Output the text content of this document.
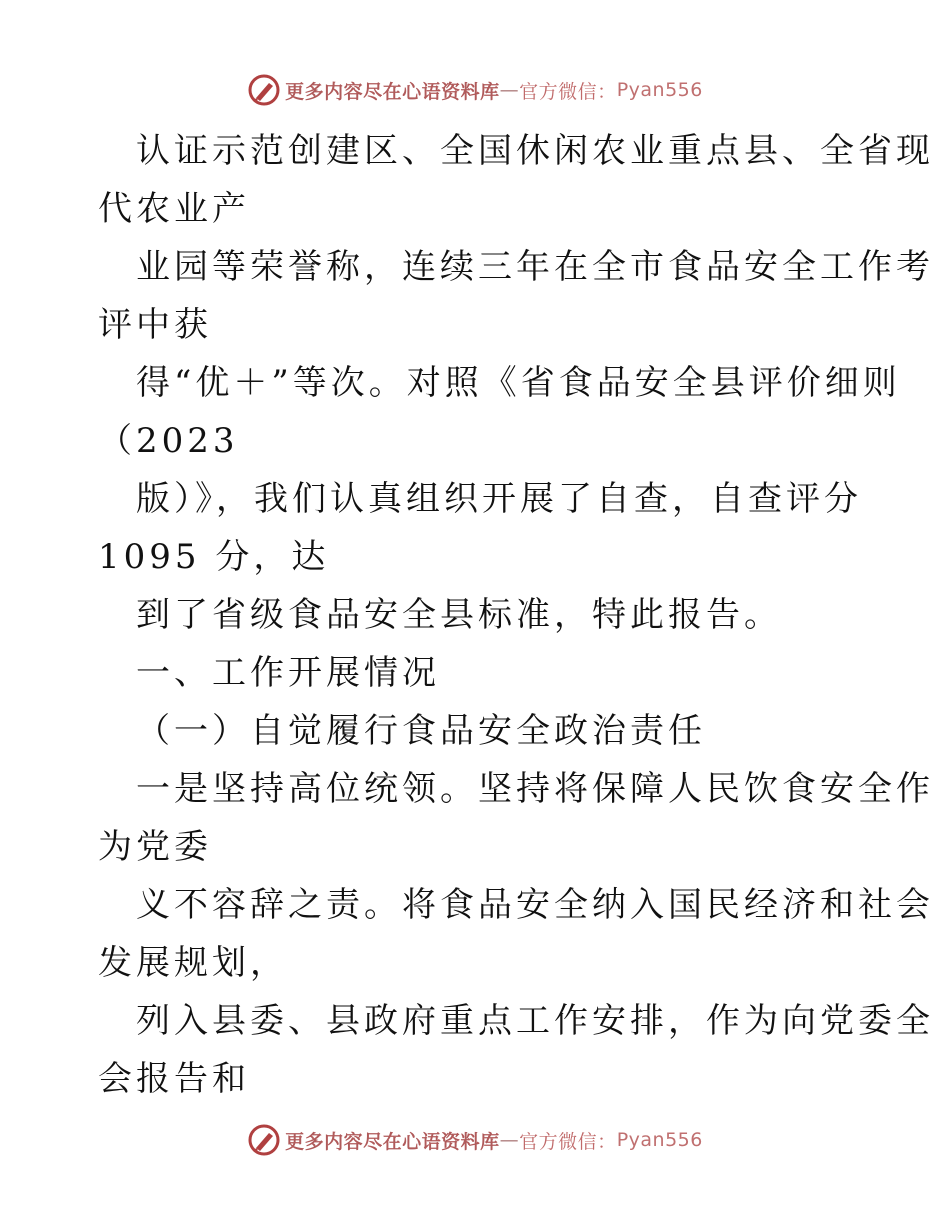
更多内容尽在心语资料库 — 官方微信： Pyan556
认证示范创建区、全国休闲农业重点县、全省现
代农业产
业园等荣誉称，连续三年在全市食品安全工作考
评中获
得“优＋”等次。对照《省食品安全县评价细则
（2023
版）》，我们认真组织开展了自查，自查评分
1095 分，达
到了省级食品安全县标准，特此报告。
一、工作开展情况
（一）自觉履行食品安全政治责任
一是坚持高位统领。坚持将保障人民饮食安全作
为党委
义不容辞之责。将食品安全纳入国民经济和社会
发展规划，
列入县委、县政府重点工作安排，作为向党委全
会报告和
更多内容尽在心语资料库 — 官方微信： Pyan556
